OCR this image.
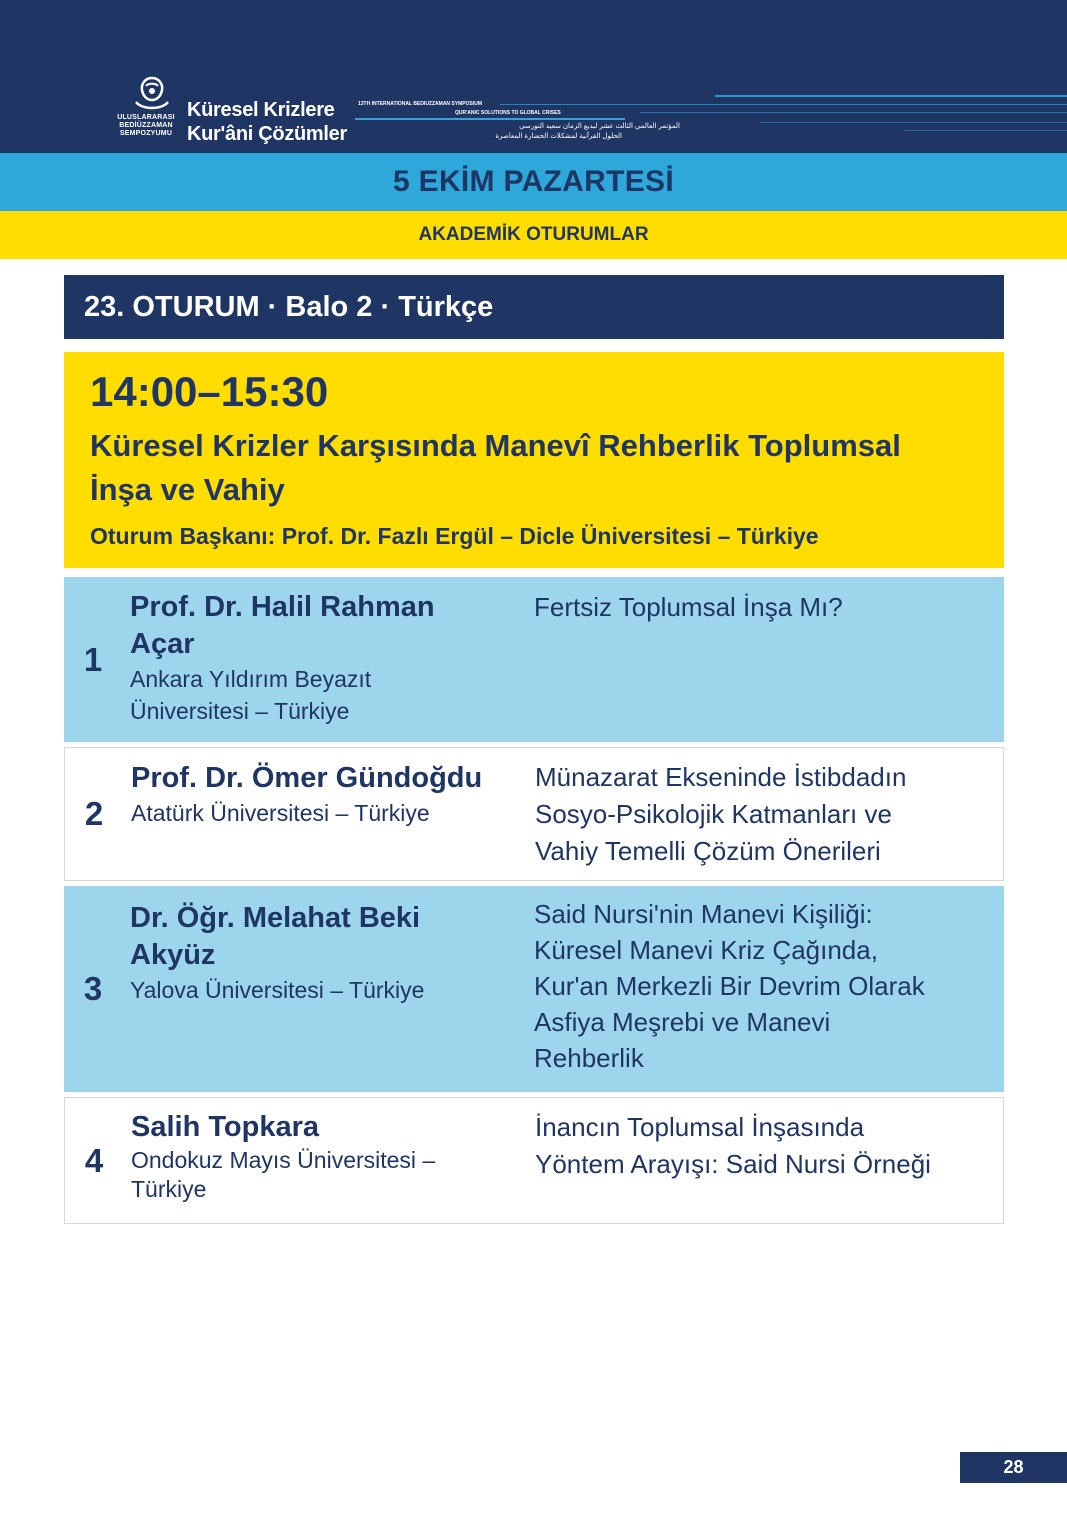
ULUSLARARASI
BEDİÜZZAMAN
SEMPOZYUMU
Küresel Krizlere
Kur'âni Çözümler
13TH INTERNATIONAL BEDIUZZAMAN SYMPOSIUM
QUR'ANIC SOLUTIONS TO GLOBAL CRISES
المؤتمر العالمي الثالث عشر لبديع الزمان سعيد النورسي
الحلول القرآنية لمشكلات الحضارة المعاصرة
5 EKİM PAZARTESİ
AKADEMİK OTURUMLAR
23. OTURUM · Balo 2 · Türkçe
14:00–15:30
Küresel Krizler Karşısında Manevî Rehberlik Toplumsal
İnşa ve Vahiy
Oturum Başkanı: Prof. Dr. Fazlı Ergül – Dicle Üniversitesi – Türkiye
1
Prof. Dr. Halil Rahman
Açar
Ankara Yıldırım Beyazıt
Üniversitesi – Türkiye
Fertsiz Toplumsal İnşa Mı?
2
Prof. Dr. Ömer Gündoğdu
Atatürk Üniversitesi – Türkiye
Münazarat Ekseninde İstibdadın
Sosyo-Psikolojik Katmanları ve
Vahiy Temelli Çözüm Önerileri
3
Dr. Öğr. Melahat Beki
Akyüz
Yalova Üniversitesi – Türkiye
Said Nursi'nin Manevi Kişiliği:
Küresel Manevi Kriz Çağında,
Kur'an Merkezli Bir Devrim Olarak
Asfiya Meşrebi ve Manevi
Rehberlik
4
Salih Topkara
Ondokuz Mayıs Üniversitesi –
Türkiye
İnancın Toplumsal İnşasında
Yöntem Arayışı: Said Nursi Örneği
28
